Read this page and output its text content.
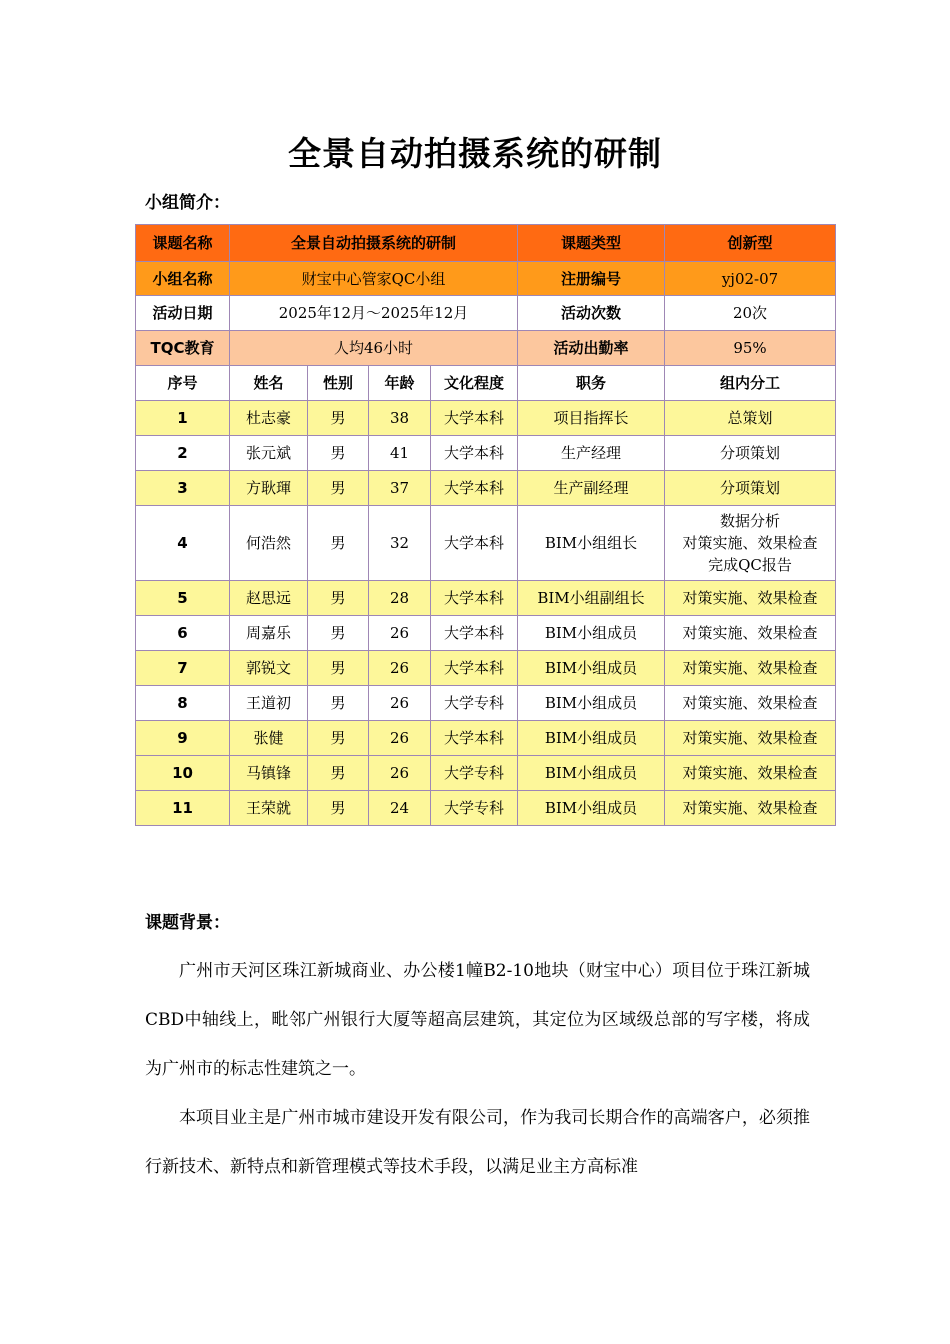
全景自动拍摄系统的研制
小组简介：
课题名称	全景自动拍摄系统的研制				课题类型	创新型
小组名称	财宝中心管家QC小组				注册编号	yj02-07
活动日期	2025年12月～2025年12月				活动次数	20次
TQC教育	人均46小时				活动出勤率	95%
序号	姓名	性别	年龄	文化程度	职务	组内分工
1	杜志豪	男	38	大学本科	项目指挥长	总策划
2	张元斌	男	41	大学本科	生产经理	分项策划
3	方耿琿	男	37	大学本科	生产副经理	分项策划
4	何浩然	男	32	大学本科	BIM小组组长	数据分析
对策实施、效果检查
完成QC报告

5	赵思远	男	28	大学本科	BIM小组副组长	对策实施、效果检查
6	周嘉乐	男	26	大学本科	BIM小组成员	对策实施、效果检查
7	郭锐文	男	26	大学本科	BIM小组成员	对策实施、效果检查
8	王道初	男	26	大学专科	BIM小组成员	对策实施、效果检查
9	张健	男	26	大学本科	BIM小组成员	对策实施、效果检查
10	马镇锋	男	26	大学专科	BIM小组成员	对策实施、效果检查
11	王荣就	男	24	大学专科	BIM小组成员	对策实施、效果检查
课题背景：

广州市天河区珠江新城商业、办公楼1幢B2-10地块（财宝中心）项目位于珠江新城CBD中轴线上，毗邻广州银行大厦等超高层建筑，其定位为区域级总部的写字楼，将成为广州市的标志性建筑之一。

本项目业主是广州市城市建设开发有限公司，作为我司长期合作的高端客户，必须推行新技术、新特点和新管理模式等技术手段，以满足业主方高标准
